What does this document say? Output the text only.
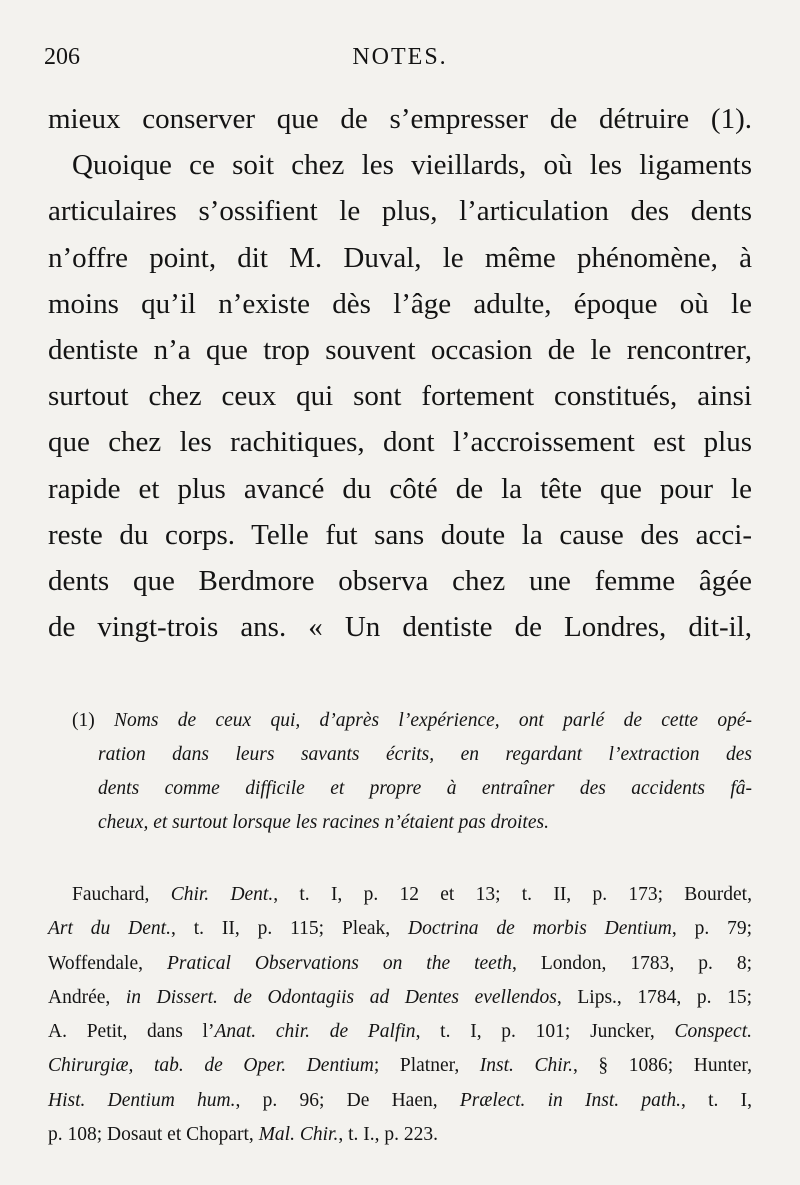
206	NOTES.
mieux conserver que de s’empresser de détruire (1).
Quoique ce soit chez les vieillards, où les ligaments
articulaires s’ossifient le plus, l’articulation des dents
n’offre point, dit M. Duval, le même phénomène, à
moins qu’il n’existe dès l’âge adulte, époque où le
dentiste n’a que trop souvent occasion de le rencontrer,
surtout chez ceux qui sont fortement constitués, ainsi
que chez les rachitiques, dont l’accroissement est plus
rapide et plus avancé du côté de la tête que pour le
reste du corps. Telle fut sans doute la cause des acci-
dents que Berdmore observa chez une femme âgée
de vingt-trois ans. « Un dentiste de Londres, dit-il,
(1) Noms de ceux qui, d’après l’expérience, ont parlé de cette opé-
ration dans leurs savants écrits, en regardant l’extraction des
dents comme difficile et propre à entraîner des accidents fâ-
cheux, et surtout lorsque les racines n’étaient pas droites.
Fauchard, Chir. Dent., t. I, p. 12 et 13; t. II, p. 173; Bourdet,
Art du Dent., t. II, p. 115; Pleak, Doctrina de morbis Dentium, p. 79;
Woffendale, Pratical Observations on the teeth, London, 1783, p. 8;
Andrée, in Dissert. de Odontagiis ad Dentes evellendos, Lips., 1784, p. 15;
A. Petit, dans l’Anat. chir. de Palfin, t. I, p. 101; Juncker, Conspect.
Chirurgiæ, tab. de Oper. Dentium; Platner, Inst. Chir., § 1086; Hunter,
Hist. Dentium hum., p. 96; De Haen, Prælect. in Inst. path., t. I,
p. 108; Dosaut et Chopart, Mal. Chir., t. I., p. 223.
